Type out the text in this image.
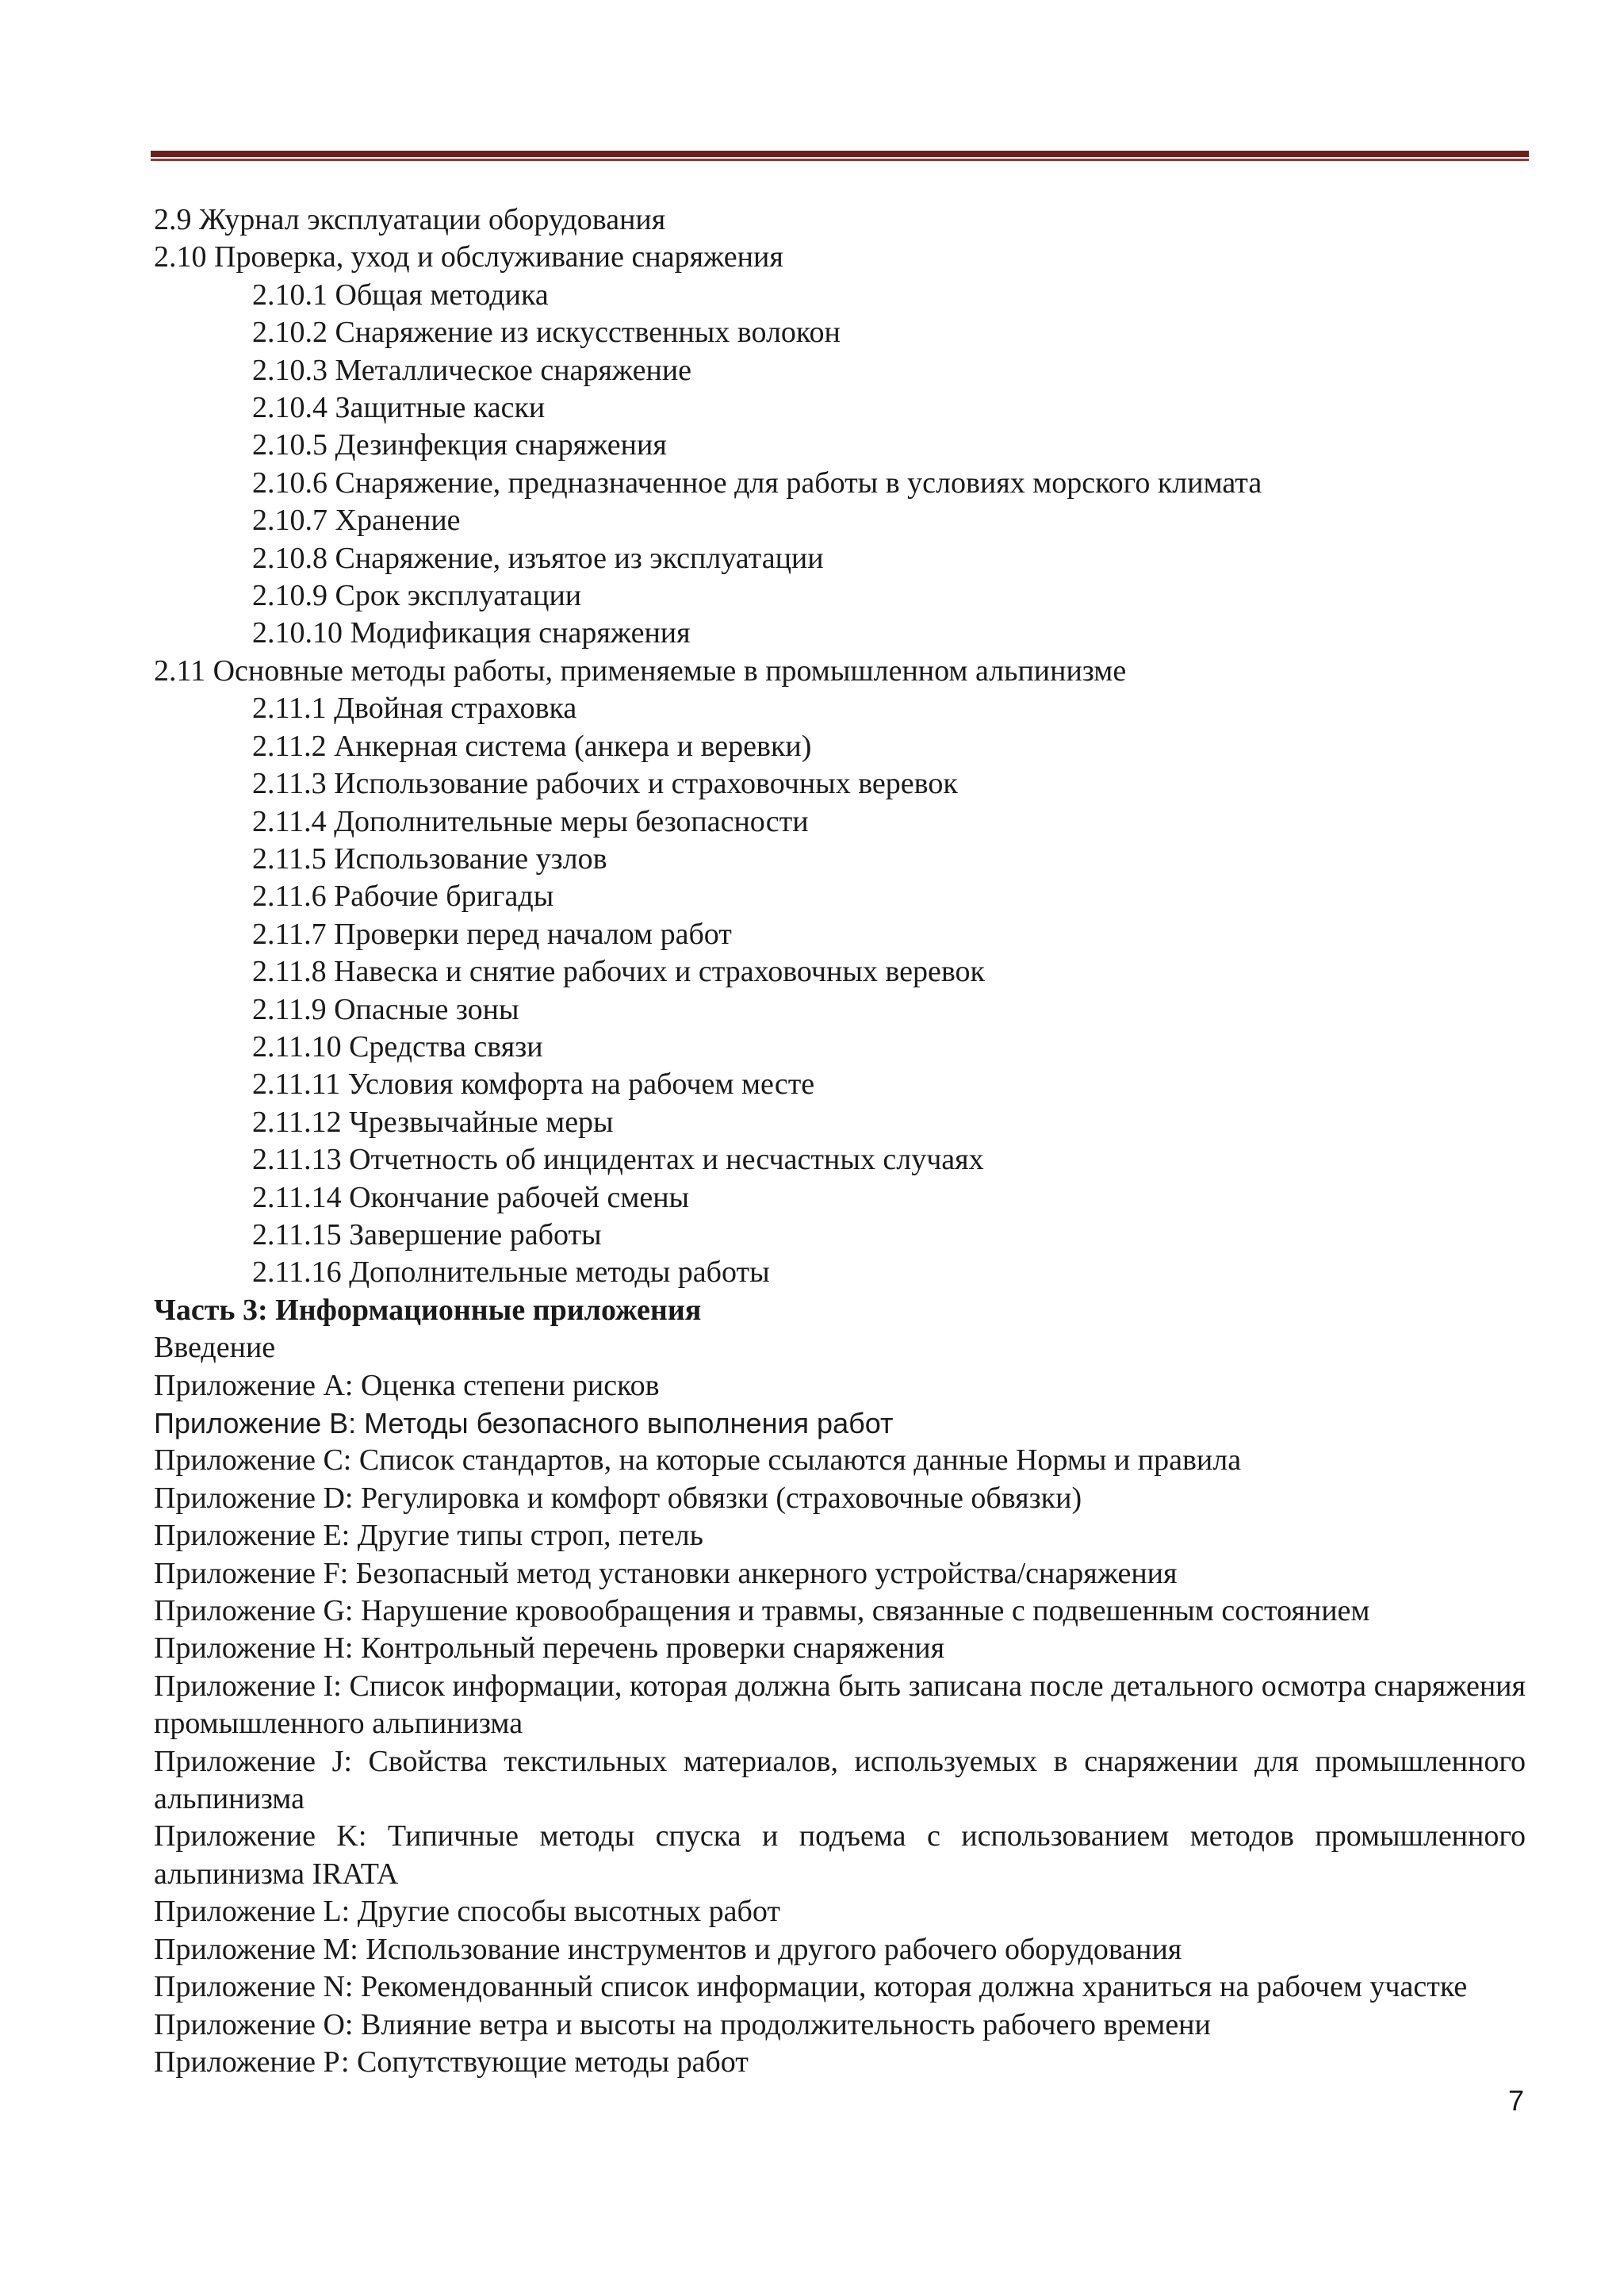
2.9 Журнал эксплуатации оборудования
2.10 Проверка, уход и обслуживание снаряжения
2.10.1 Общая методика
2.10.2 Снаряжение из искусственных волокон
2.10.3 Металлическое снаряжение
2.10.4 Защитные каски
2.10.5 Дезинфекция снаряжения
2.10.6 Снаряжение, предназначенное для работы в условиях морского климата
2.10.7 Хранение
2.10.8 Снаряжение, изъятое из эксплуатации
2.10.9 Срок эксплуатации
2.10.10 Модификация снаряжения
2.11 Основные методы работы, применяемые в промышленном альпинизме
2.11.1 Двойная страховка
2.11.2 Анкерная система (анкера и веревки)
2.11.3 Использование рабочих и страховочных веревок
2.11.4 Дополнительные меры безопасности
2.11.5 Использование узлов
2.11.6 Рабочие бригады
2.11.7 Проверки перед началом работ
2.11.8 Навеска и снятие рабочих и страховочных веревок
2.11.9 Опасные зоны
2.11.10 Средства связи
2.11.11 Условия комфорта на рабочем месте
2.11.12 Чрезвычайные меры
2.11.13 Отчетность об инцидентах и несчастных случаях
2.11.14 Окончание рабочей смены
2.11.15 Завершение работы
2.11.16 Дополнительные методы работы
Часть 3: Информационные приложения
Введение
Приложение А: Оценка степени рисков
Приложение В: Методы безопасного выполнения работ
Приложение С: Список стандартов, на которые ссылаются данные Нормы и правила
Приложение D: Регулировка и комфорт обвязки (страховочные обвязки)
Приложение Е: Другие типы строп, петель
Приложение F: Безопасный метод установки анкерного устройства/снаряжения
Приложение G: Нарушение кровообращения и травмы, связанные с подвешенным состоянием
Приложение Н: Контрольный перечень проверки снаряжения
Приложение I: Список информации, которая должна быть записана после детального осмотра снаряжения промышленного альпинизма
Приложение J: Свойства текстильных материалов, используемых в снаряжении для промышленного альпинизма
Приложение K: Типичные методы спуска и подъема с использованием методов промышленного альпинизма IRATA
Приложение L: Другие способы высотных работ
Приложение М: Использование инструментов и другого рабочего оборудования
Приложение N: Рекомендованный список информации, которая должна храниться на рабочем участке
Приложение О: Влияние ветра и высоты на продолжительность рабочего времени
Приложение Р: Сопутствующие методы работ
7
